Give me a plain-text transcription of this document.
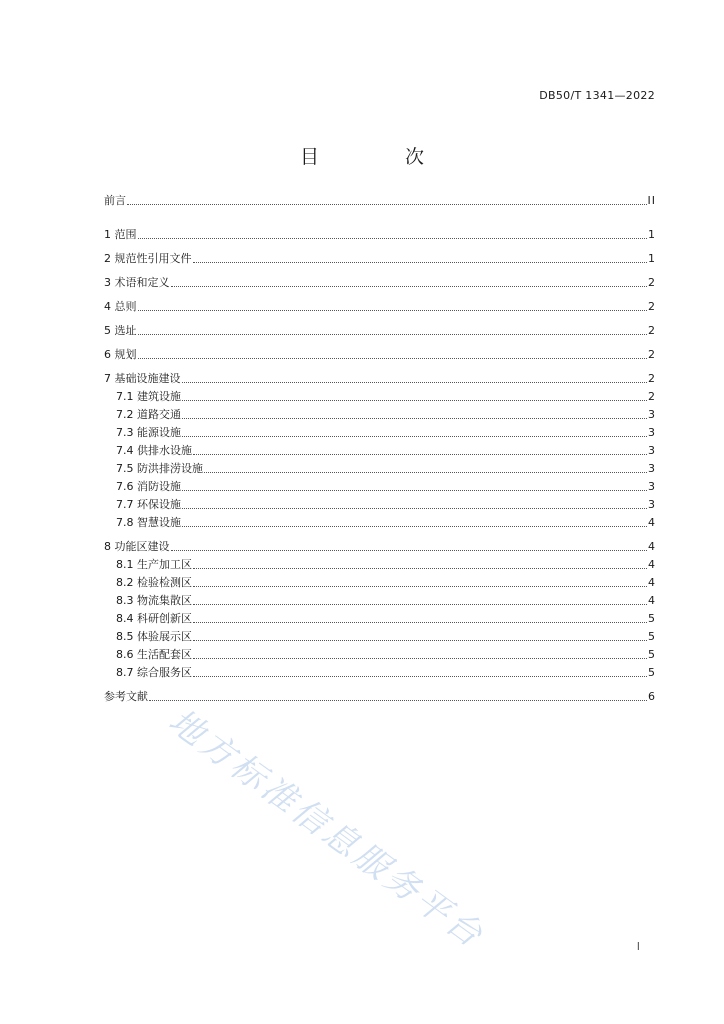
DB50/T 1341—2022
目 次
前言	II
1 范围	1
2 规范性引用文件	1
3 术语和定义	2
4 总则	2
5 选址	2
6 规划	2
7 基础设施建设	2
7.1 建筑设施	2
7.2 道路交通	3
7.3 能源设施	3
7.4 供排水设施	3
7.5 防洪排涝设施	3
7.6 消防设施	3
7.7 环保设施	3
7.8 智慧设施	4
8 功能区建设	4
8.1 生产加工区	4
8.2 检验检测区	4
8.3 物流集散区	4
8.4 科研创新区	5
8.5 体验展示区	5
8.6 生活配套区	5
8.7 综合服务区	5
参考文献	6
I
地方标准信息服务平台
